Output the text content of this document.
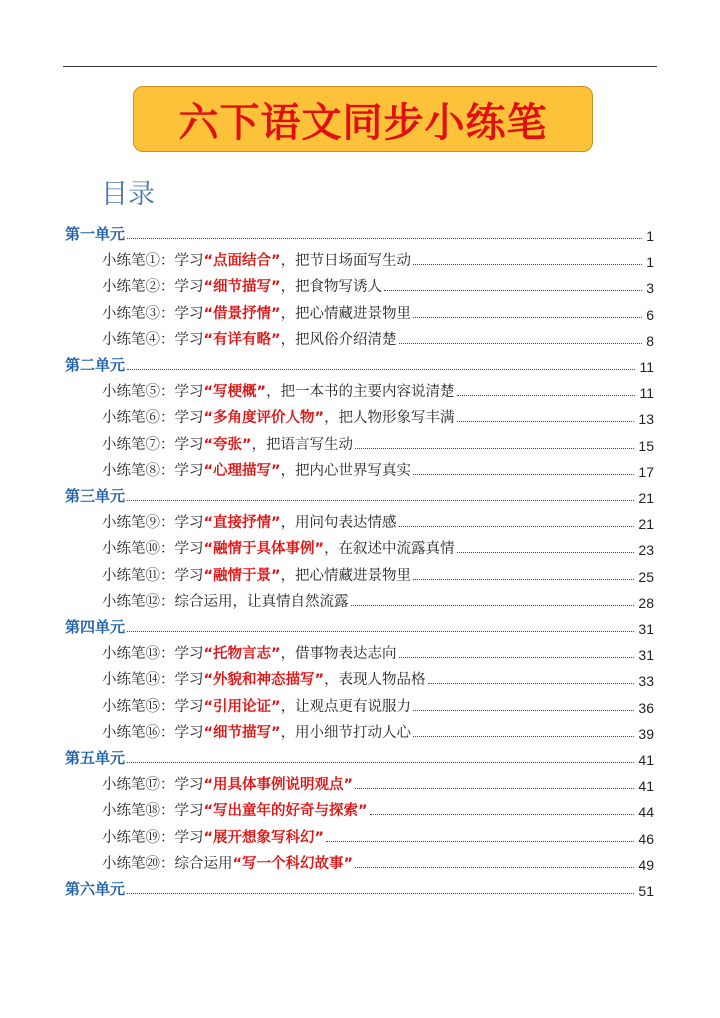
六下语文同步小练笔
目录
第一单元	1
小练笔①：学习“点面结合”，把节日场面写生动	1
小练笔②：学习“细节描写”，把食物写诱人	3
小练笔③：学习“借景抒情”，把心情藏进景物里	6
小练笔④：学习“有详有略”，把风俗介绍清楚	8
第二单元	11
小练笔⑤：学习“写梗概”，把一本书的主要内容说清楚	11
小练笔⑥：学习“多角度评价人物”，把人物形象写丰满	13
小练笔⑦：学习“夸张”，把语言写生动	15
小练笔⑧：学习“心理描写”，把内心世界写真实	17
第三单元	21
小练笔⑨：学习“直接抒情”，用问句表达情感	21
小练笔⑩：学习“融情于具体事例”，在叙述中流露真情	23
小练笔⑪：学习“融情于景”，把心情藏进景物里	25
小练笔⑫：综合运用，让真情自然流露	28
第四单元	31
小练笔⑬：学习“托物言志”，借事物表达志向	31
小练笔⑭：学习“外貌和神态描写”，表现人物品格	33
小练笔⑮：学习“引用论证”，让观点更有说服力	36
小练笔⑯：学习“细节描写”，用小细节打动人心	39
第五单元	41
小练笔⑰：学习“用具体事例说明观点”	41
小练笔⑱：学习“写出童年的好奇与探索”	44
小练笔⑲：学习“展开想象写科幻”	46
小练笔⑳：综合运用“写一个科幻故事”	49
第六单元	51
